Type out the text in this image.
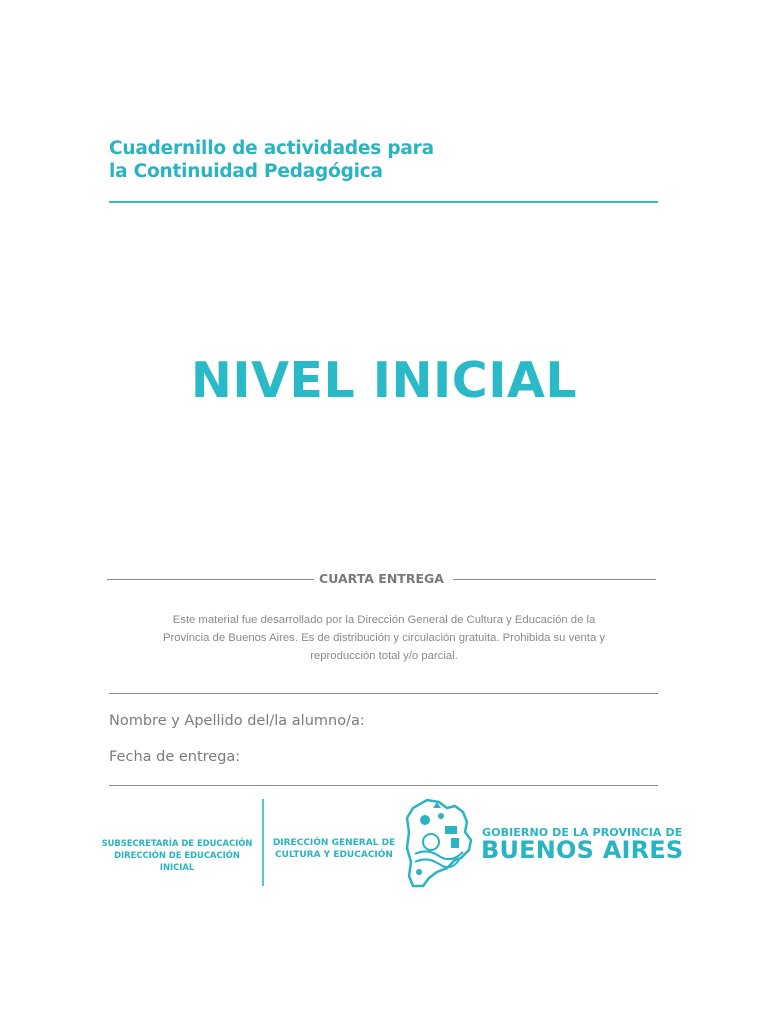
Cuadernillo de actividades para
la Continuidad Pedagógica
NIVEL INICIAL
CUARTA ENTREGA
Este material fue desarrollado por la Dirección General de Cultura y Educación de la
Provincia de Buenos Aires. Es de distribución y circulación gratuita. Prohibida su venta y
reproducción total y/o parcial.
Nombre y Apellido del/la alumno/a:
Fecha de entrega:
SUBSECRETARÍA DE EDUCACIÓN
DIRECCIÓN DE EDUCACIÓN INICIAL
DIRECCIÓN GENERAL DE
CULTURA Y EDUCACIÓN
GOBIERNO DE LA PROVINCIA DE
BUENOS AIRES
